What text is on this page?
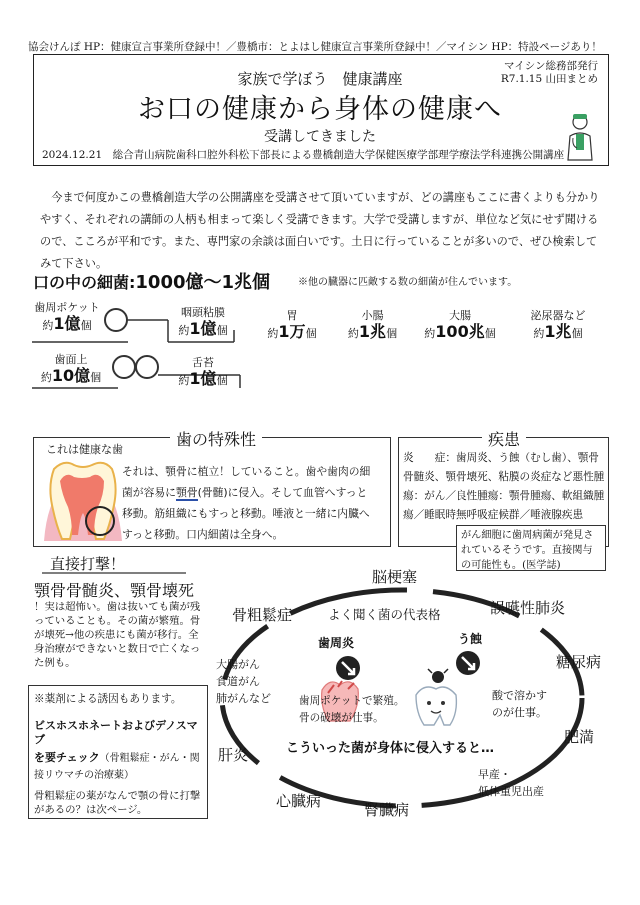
協会けんぽ HP：健康宣言事業所登録中！／豊橋市：とよはし健康宣言事業所登録中！／マイシン HP：特設ページあり！
マイシン総務部発行
R7.1.15 山田まとめ
家族で学ぼう　健康講座
お口の健康から身体の健康へ
受講してきました
2024.12.21　総合青山病院歯科口腔外科松下部長による豊橋創造大学保健医療学部理学療法学科連携公開講座
今まで何度かこの豊橋創造大学の公開講座を受講させて頂いていますが、どの講座もここに書くよりも分かりやすく、それぞれの講師の人柄も相まって楽しく受講できます。大学で受講しますが、単位など気にせず聞けるので、こころが平和です。また、専門家の余談は面白いです。土日に行っていることが多いので、ぜひ検索してみて下さい。
口の中の細菌:1000億〜1兆個	※他の臓器に匹敵する数の細菌が住んでいます。
歯周ポケット
約1億個
咽頭粘膜
約1億個
歯面上
約10億個
舌苔
約1億個
胃
約1万個
小腸
約1兆個
大腸
約100兆個
泌尿器など
約1兆個
歯の特殊性
これは健康な歯
それは、顎骨に植立！していること。歯や歯肉の細
菌が容易に顎骨(骨髄)に侵入。そして血管へすっと
移動。筋組織にもすっと移動。唾液と一緒に内臓へ
すっと移動。口内細菌は全身へ。
疾患
炎　　症：歯周炎、う蝕（むし歯）、顎骨骨髄炎、顎骨壊死、粘膜の炎症など悪性腫瘍：がん／良性腫瘍：顎骨腫瘍、軟組織腫瘍／睡眠時無呼吸症候群／唾液腺疾患
がん細胞に歯周病菌が発見されているそうです。直接関与の可能性も。(医学誌)
直接打撃！
顎骨骨髄炎、顎骨壊死
！実は超怖い。歯は抜いても菌が残っていることも。その菌が繁殖。骨が壊死→他の疾患にも菌が移行。全身治療ができないと数日で亡くなった例も。
※薬剤による誘因もあります。
ビスホスホネートおよびデノスマブ
を要チェック（骨粗鬆症・がん・関接リウマチの治療薬）
骨粗鬆症の薬がなんで顎の骨に打撃があるの？は次ページ。
脳梗塞
骨粗鬆症	誤嚥性肺炎
糖尿病
肥満
肝炎
心臓病	腎臓病
よく聞く菌の代表格
歯周炎	う蝕
大腸がん
食道がん
肺がんなど	歯周ポケットで繁殖。
骨の破壊が仕事。
酸で溶かす
のが仕事。
こういった菌が身体に侵入すると…
早産・
低体重児出産
